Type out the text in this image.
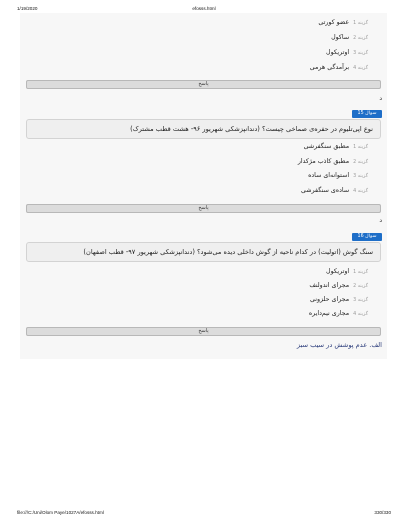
1/19/2020	efosss.html
گزینه 1عضو کورتی
گزینه 2ساکول
گزینه 3اوتریکول
گزینه 4برآمدگی هرمی
پاسخ
د
سوال 15
نوع اپی‌تلیوم در حفره‌ی صماخی چیست؟ (دندانپزشکی شهریور ۹۶- هشت قطب مشترک)
گزینه 1مطبق سنگفرشی
گزینه 2مطبق کاذب مژکدار
گزینه 3استوانه‌ای ساده
گزینه 4ساده‌ی سنگفرشی
پاسخ
د
سوال 16
سنگ گوش (اتولیت) در کدام ناحیه از گوش داخلی دیده می‌شود؟ (دندانپزشکی شهریور ۹۷- قطب اصفهان)
گزینه 1اوتریکول
گزینه 2مجرای اندولنف
گزینه 3مجرای حلزونی
گزینه 4مجاری نیم‌دایره
پاسخ
الف. عدم پوشش در سیب سبز
file:///C:/Uni/Olom Paye/1027A/efosss.html	330/330
